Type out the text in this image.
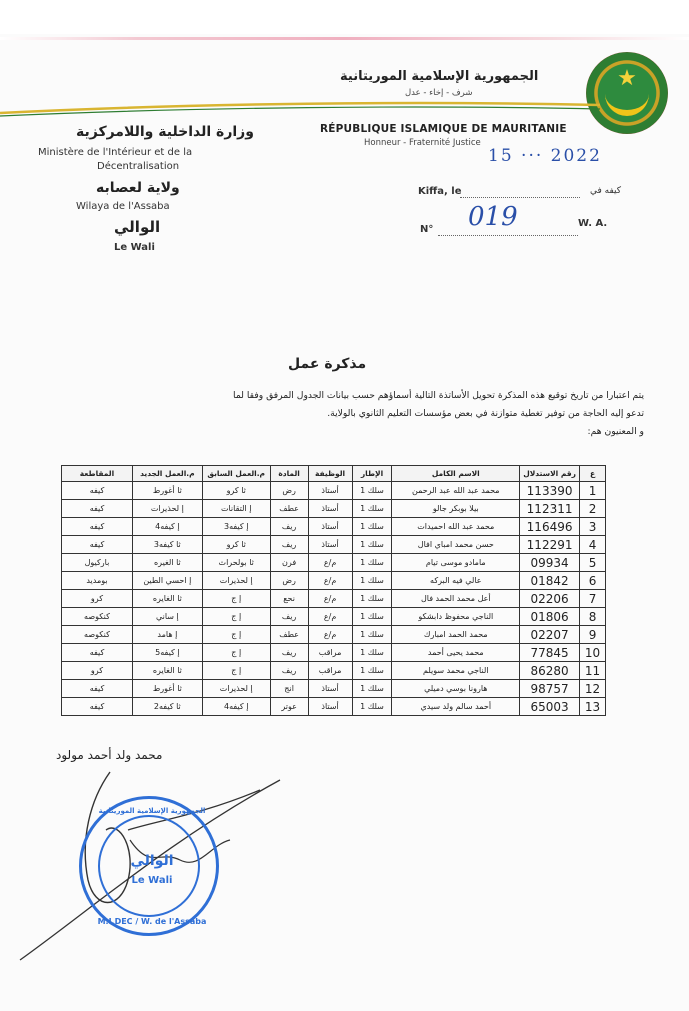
★
الجمهورية الإسلامية الموريتانية
شرف - إخاء - عدل
RÉPUBLIQUE ISLAMIQUE DE MAURITANIE
Honneur - Fraternité Justice
15 ··· 2022
وزارة الداخلية واللامركزية
Ministère de l'Intérieur et de la
Décentralisation
ولاية لعصابه
Wilaya de l'Assaba
الوالي
Le Wali
Kiffa, le	كيفه في
N° 019	W. A.
مذكرة عمل
يتم اعتبارا من تاريخ توقيع هذه المذكرة تحويل الأساتذة التالية أسماؤهم حسب بيانات الجدول المرفق وفقا لما
تدعو إليه الحاجة من توفير تغطية متوازنة في بعض مؤسسات التعليم الثانوي بالولاية.
و المعنيون هم:
ع	رقم الاستدلال	الاسم الكامل	الإطار	الوظيفة	المادة	م.العمل السابق	م.العمل الجديد	المقاطعة
1	113390	محمد عبد الله عبد الرحمن	سلك 1	أستاذ	رض	ثا كرو	ثا أغورط	كيفه
2	112311	بيلا بوبكر جالو	سلك 1	أستاذ	عطف	إ التقانات	إ لحذيرات	كيفه
3	116496	محمد عبد الله احميدات	سلك 1	أستاذ	ريف	إ كيفه3	إ كيفه4	كيفه
4	112291	حسن محمد امباي افال	سلك 1	أستاذ	ريف	ثا كرو	ثا كيفه3	كيفه
5	09934	مامادو موسى تيام	سلك 1	م/ع	فرن	ثا بولحراث	ثا الغيره	باركيول
6	01842	عالي فيه البركه	سلك 1	م/ع	رض	إ لحذيرات	إ احسي الطين	بومديد
7	02206	أعل محمد الحمد فال	سلك 1	م/ع	نحع	إ ج	ثا الغايره	كرو
8	01806	الناجي محفوظ دابشكو	سلك 1	م/ع	ريف	إ ج	إ ساني	كنكوصه
9	02207	محمد الحمد امبارك	سلك 1	م/ع	عطف	إ ج	إ هامد	كنكوصه
10	77845	محمد يحيى أحمد	سلك 1	مراقب	ريف	إ ج	إ كيفه5	كيفه
11	86280	الناجي محمد سويلم	سلك 1	مراقب	ريف	إ ج	ثا الغايره	كرو
12	98757	هارونا بوسي دميلي	سلك 1	أستاذ	انج	إ لحذيرات	ثا أغورط	كيفه
13	65003	أحمد سالم ولد سيدي	سلك 1	أستاذ	عوتر	إ كيفه4	ثا كيفه2	كيفه
محمد ولد أحمد مولود
الجمهورية الإسلامية الموريتانية
الوالي
Le Wali
M.I.DEC / W. de l'Assaba
